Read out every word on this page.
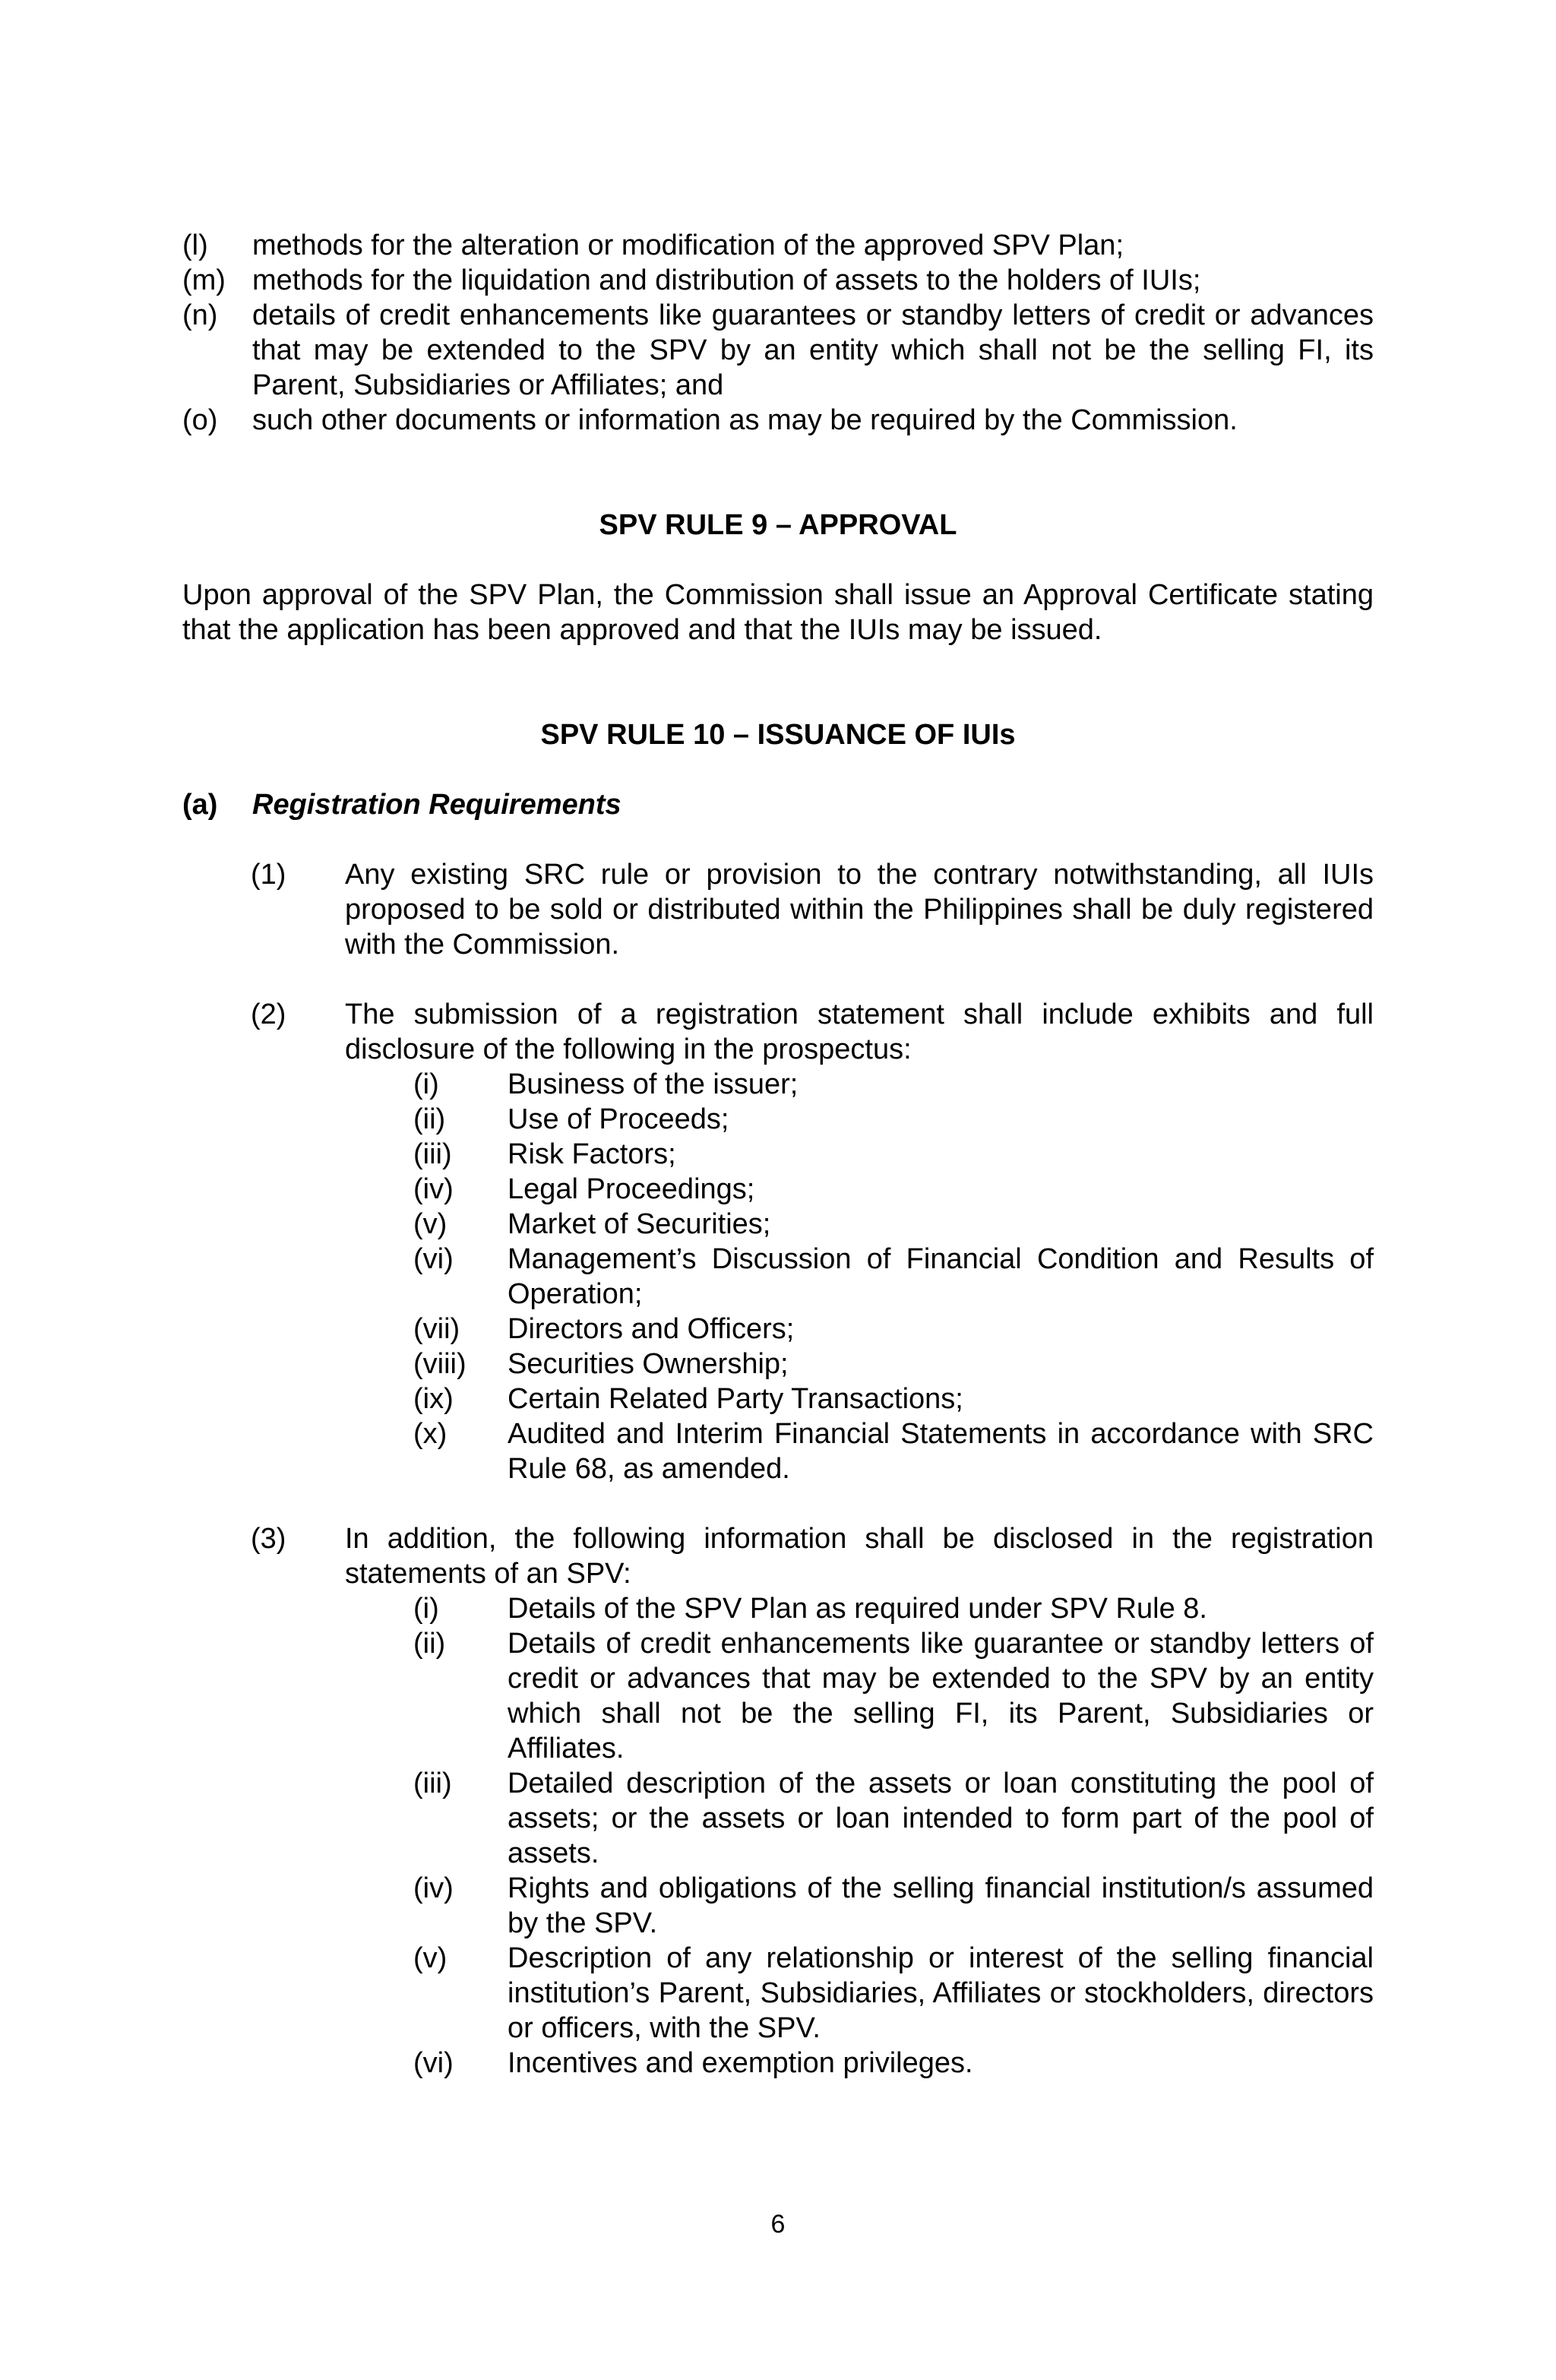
(l)	methods for the alteration or modification of the approved SPV Plan;
(m) methods for the liquidation and distribution of assets to the holders of IUIs;
(n)	details of credit enhancements like guarantees or standby letters of credit or advances that may be extended to the SPV by an entity which shall not be the selling FI, its Parent, Subsidiaries or Affiliates; and
(o)	such other documents or information as may be required by the Commission.
SPV RULE 9 – APPROVAL
Upon approval of the SPV Plan, the Commission shall issue an Approval Certificate stating that the application has been approved and that the IUIs may be issued.
SPV RULE 10 – ISSUANCE OF IUIs
(a)	Registration Requirements
(1)	Any existing SRC rule or provision to the contrary notwithstanding, all IUIs proposed to be sold or distributed within the Philippines shall be duly registered with the Commission.
(2)	The submission of a registration statement shall include exhibits and full disclosure of the following in the prospectus:
(i)	Business of the issuer;
(ii)	Use of Proceeds;
(iii)	Risk Factors;
(iv)	Legal Proceedings;
(v)	Market of Securities;
(vi)	Management’s Discussion of Financial Condition and Results of Operation;
(vii)	Directors and Officers;
(viii)	Securities Ownership;
(ix)	Certain Related Party Transactions;
(x)	Audited and Interim Financial Statements in accordance with SRC Rule 68, as amended.
(3)	In addition, the following information shall be disclosed in the registration statements of an SPV:
(i)	Details of the SPV Plan as required under SPV Rule 8.
(ii)	Details of credit enhancements like guarantee or standby letters of credit or advances that may be extended to the SPV by an entity which shall not be the selling FI, its Parent, Subsidiaries or Affiliates.
(iii)	Detailed description of the assets or loan constituting the pool of assets; or the assets or loan intended to form part of the pool of assets.
(iv)	Rights and obligations of the selling financial institution/s assumed by the SPV.
(v)	Description of any relationship or interest of the selling financial institution’s Parent, Subsidiaries, Affiliates or stockholders, directors or officers, with the SPV.
(vi)	Incentives and exemption privileges.
6
